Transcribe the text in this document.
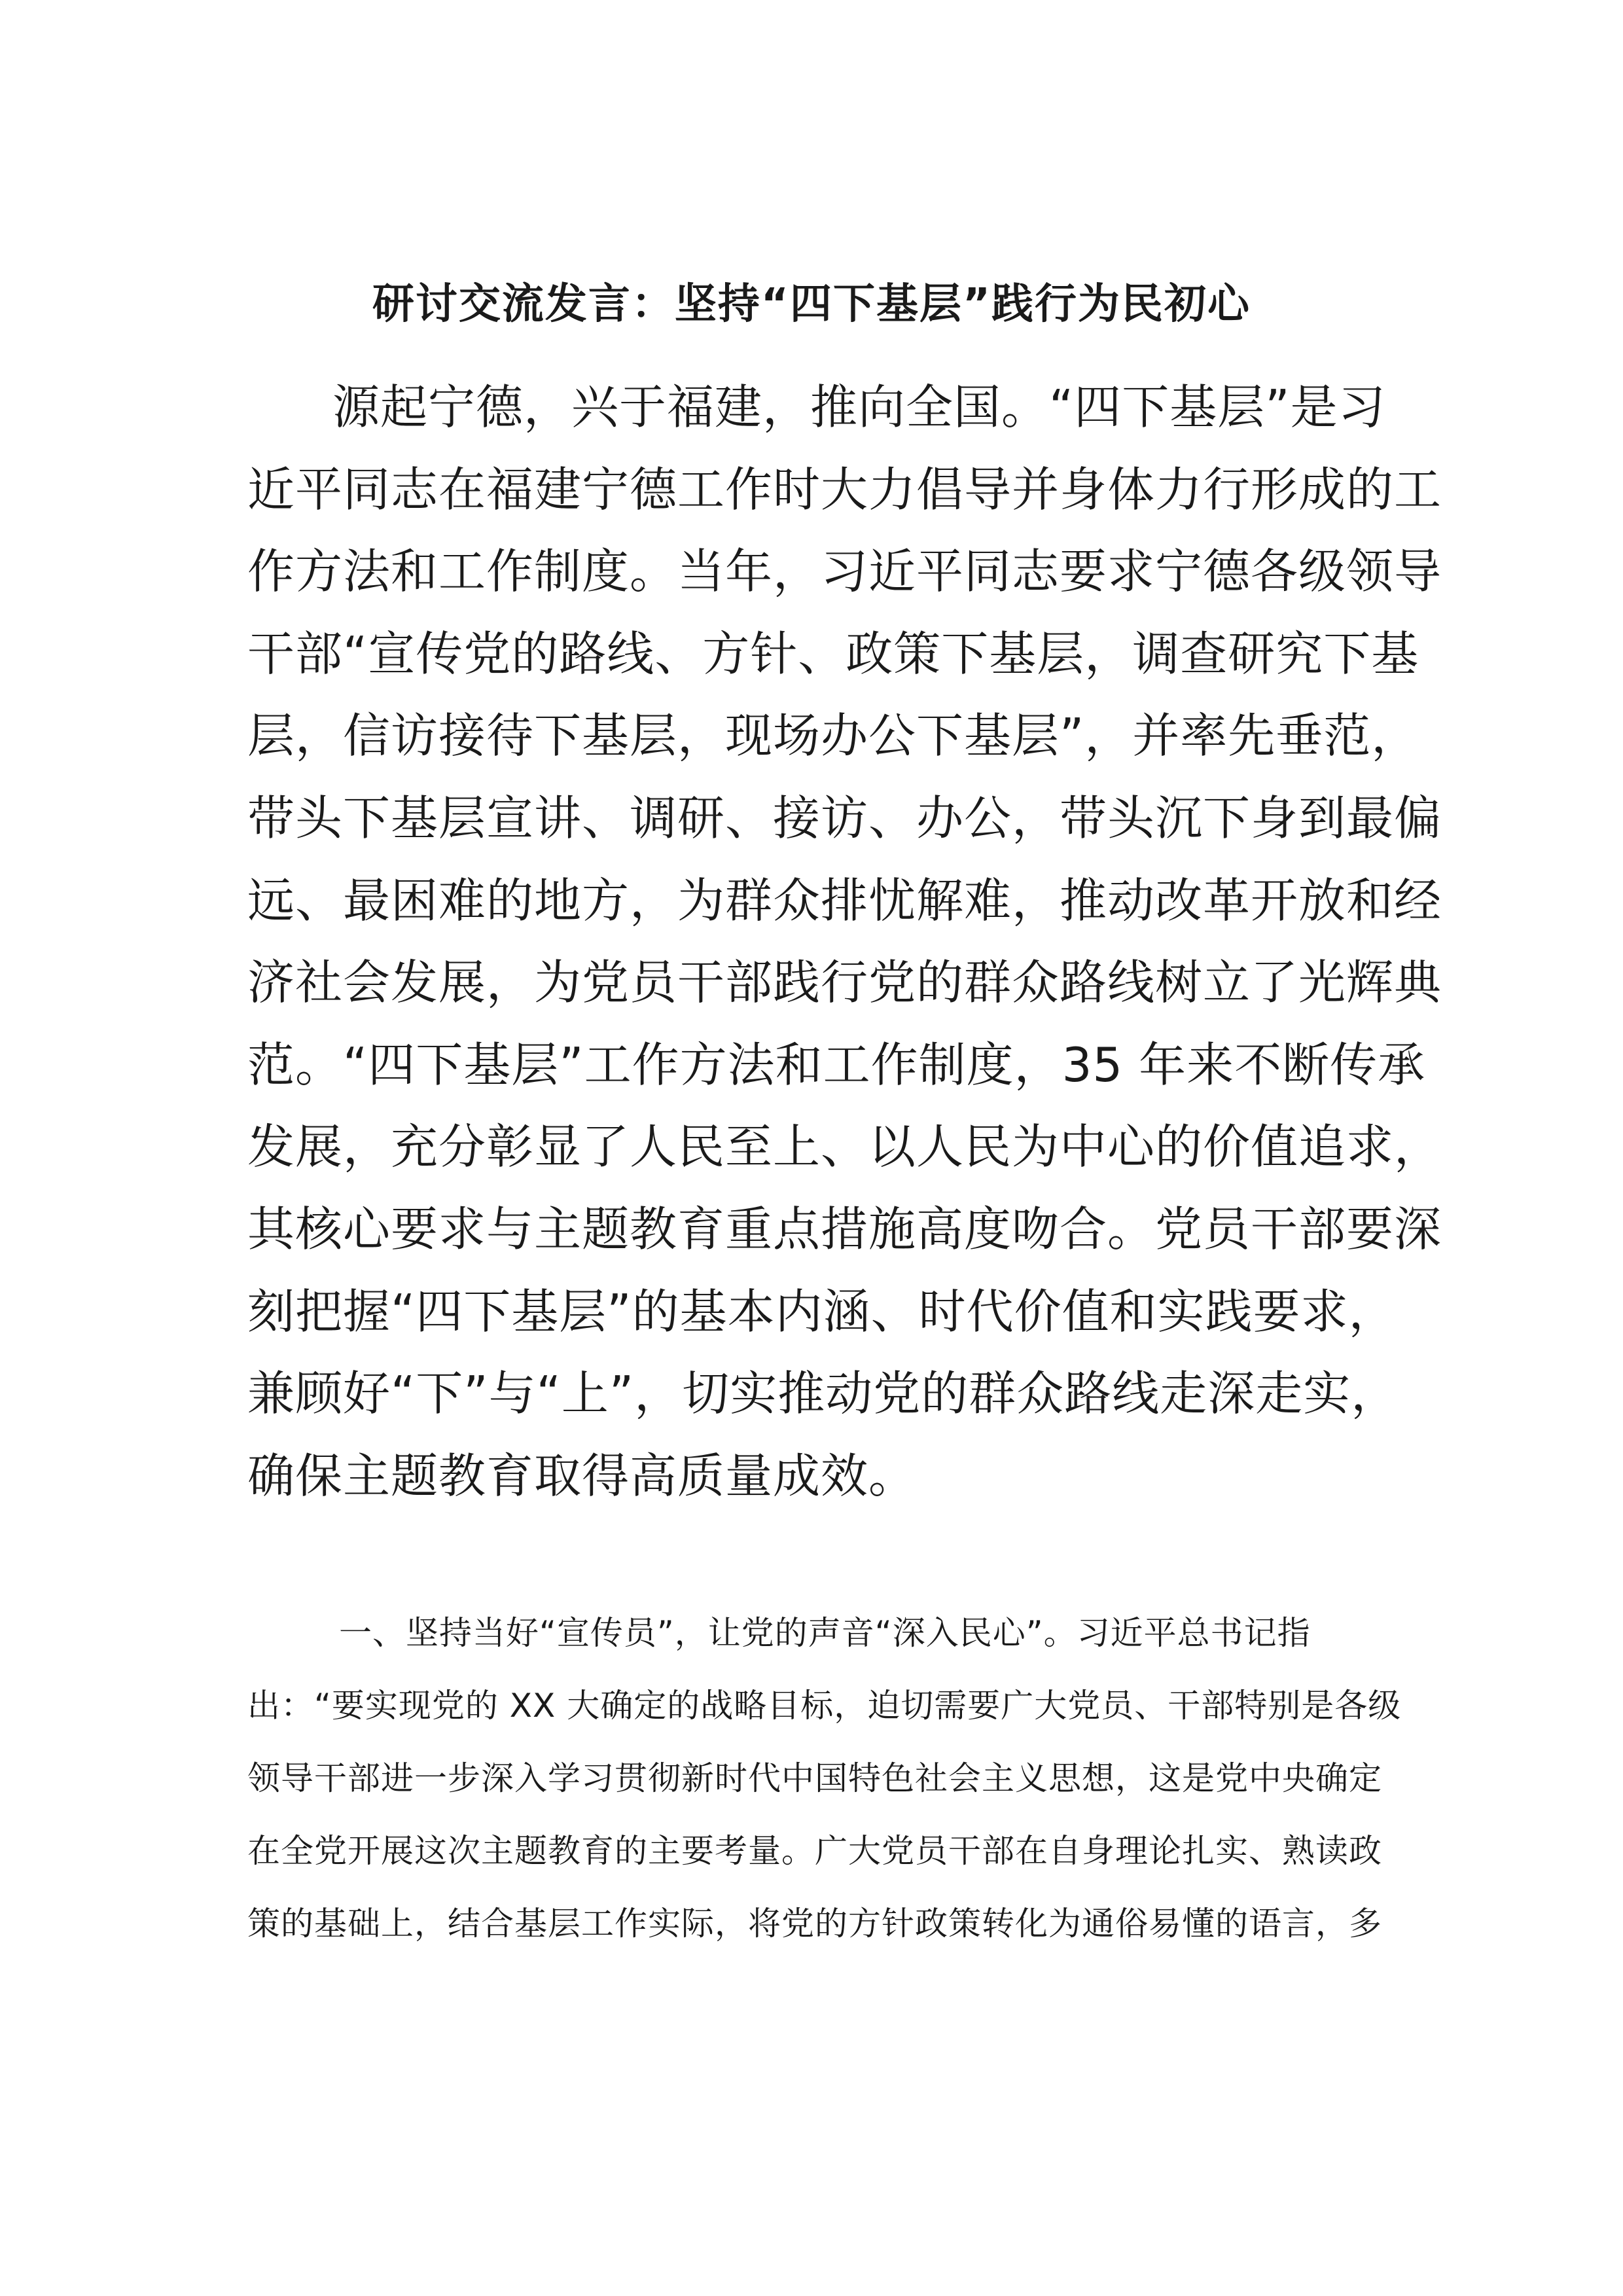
研讨交流发言：坚持“四下基层”践行为民初心
源起宁德，兴于福建，推向全国。“四下基层”是习
近平同志在福建宁德工作时大力倡导并身体力行形成的工
作方法和工作制度。当年，习近平同志要求宁德各级领导
干部“宣传党的路线、方针、政策下基层，调查研究下基
层，信访接待下基层，现场办公下基层”，并率先垂范，
带头下基层宣讲、调研、接访、办公，带头沉下身到最偏
远、最困难的地方，为群众排忧解难，推动改革开放和经
济社会发展，为党员干部践行党的群众路线树立了光辉典
范。“四下基层”工作方法和工作制度，35 年来不断传承
发展，充分彰显了人民至上、以人民为中心的价值追求，
其核心要求与主题教育重点措施高度吻合。党员干部要深
刻把握“四下基层”的基本内涵、时代价值和实践要求，
兼顾好“下”与“上”，切实推动党的群众路线走深走实，
确保主题教育取得高质量成效。
一、坚持当好“宣传员”，让党的声音“深入民心”。习近平总书记指
出：“要实现党的 XX 大确定的战略目标，迫切需要广大党员、干部特别是各级
领导干部进一步深入学习贯彻新时代中国特色社会主义思想，这是党中央确定
在全党开展这次主题教育的主要考量。广大党员干部在自身理论扎实、熟读政
策的基础上，结合基层工作实际，将党的方针政策转化为通俗易懂的语言，多
